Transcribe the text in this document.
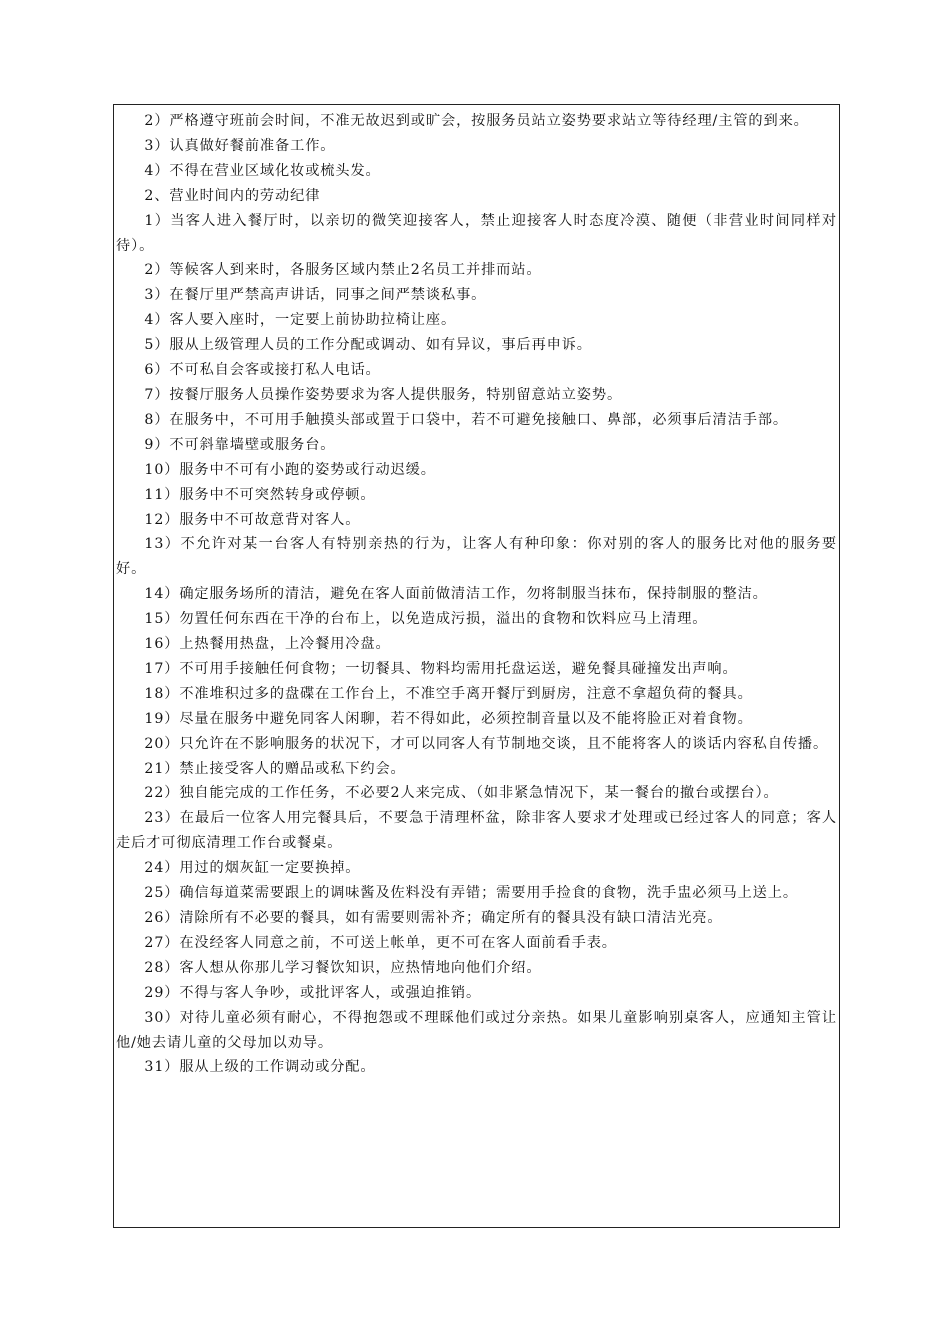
2）严格遵守班前会时间，不准无故迟到或旷会，按服务员站立姿势要求站立等待经理/主管的到来。

3）认真做好餐前准备工作。

4）不得在营业区域化妆或梳头发。

2、营业时间内的劳动纪律

1）当客人进入餐厅时，以亲切的微笑迎接客人，禁止迎接客人时态度冷漠、随便（非营业时间同样对待）。

2）等候客人到来时，各服务区域内禁止2名员工并排而站。

3）在餐厅里严禁高声讲话，同事之间严禁谈私事。

4）客人要入座时，一定要上前协助拉椅让座。

5）服从上级管理人员的工作分配或调动、如有异议，事后再申诉。

6）不可私自会客或接打私人电话。

7）按餐厅服务人员操作姿势要求为客人提供服务，特别留意站立姿势。

8）在服务中，不可用手触摸头部或置于口袋中，若不可避免接触口、鼻部，必须事后清洁手部。

9）不可斜靠墙壁或服务台。

10）服务中不可有小跑的姿势或行动迟缓。

11）服务中不可突然转身或停顿。

12）服务中不可故意背对客人。

13）不允许对某一台客人有特别亲热的行为，让客人有种印象：你对别的客人的服务比对他的服务要好。

14）确定服务场所的清洁，避免在客人面前做清洁工作，勿将制服当抹布，保持制服的整洁。

15）勿置任何东西在干净的台布上，以免造成污损，溢出的食物和饮料应马上清理。

16）上热餐用热盘，上冷餐用冷盘。

17）不可用手接触任何食物；一切餐具、物料均需用托盘运送，避免餐具碰撞发出声响。

18）不准堆积过多的盘碟在工作台上，不准空手离开餐厅到厨房，注意不拿超负荷的餐具。

19）尽量在服务中避免同客人闲聊，若不得如此，必须控制音量以及不能将脸正对着食物。

20）只允许在不影响服务的状况下，才可以同客人有节制地交谈，且不能将客人的谈话内容私自传播。

21）禁止接受客人的赠品或私下约会。

22）独自能完成的工作任务，不必要2人来完成、（如非紧急情况下，某一餐台的撤台或摆台）。

23）在最后一位客人用完餐具后，不要急于清理杯盆，除非客人要求才处理或已经过客人的同意；客人走后才可彻底清理工作台或餐桌。

24）用过的烟灰缸一定要换掉。

25）确信每道菜需要跟上的调味酱及佐料没有弄错；需要用手捡食的食物，洗手盅必须马上送上。

26）清除所有不必要的餐具，如有需要则需补齐；确定所有的餐具没有缺口清洁光亮。

27）在没经客人同意之前，不可送上帐单，更不可在客人面前看手表。

28）客人想从你那儿学习餐饮知识，应热情地向他们介绍。

29）不得与客人争吵，或批评客人，或强迫推销。

30）对待儿童必须有耐心，不得抱怨或不理睬他们或过分亲热。如果儿童影响别桌客人，应通知主管让他/她去请儿童的父母加以劝导。

31）服从上级的工作调动或分配。
